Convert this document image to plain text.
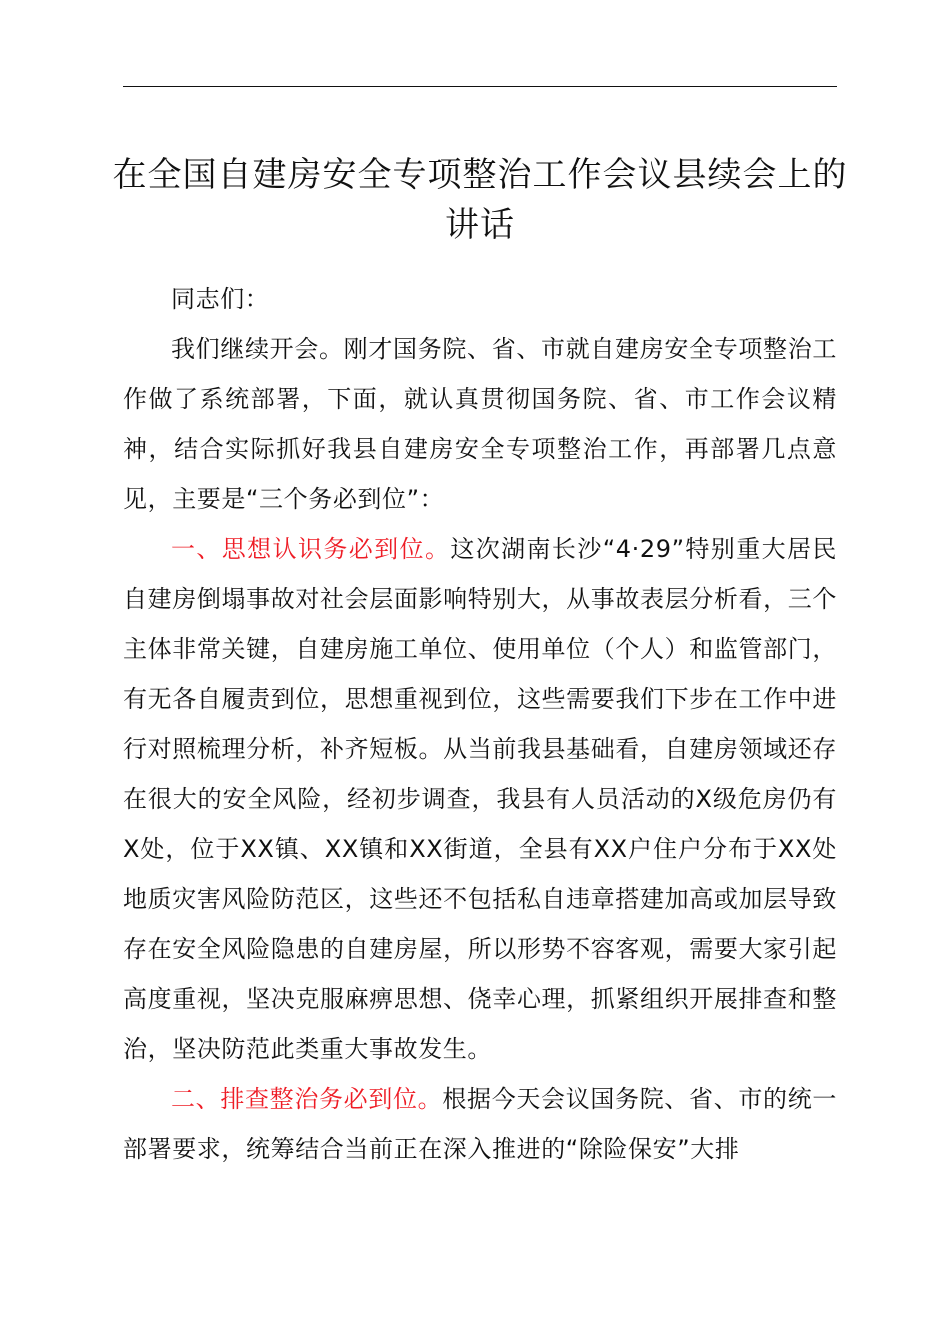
在全国自建房安全专项整治工作会议县续会上的讲话

同志们：

我们继续开会。刚才国务院、省、市就自建房安全专项整治工作做了系统部署，下面，就认真贯彻国务院、省、市工作会议精神，结合实际抓好我县自建房安全专项整治工作，再部署几点意见，主要是“三个务必到位”：

一、思想认识务必到位。这次湖南长沙“4·29”特别重大居民自建房倒塌事故对社会层面影响特别大，从事故表层分析看，三个主体非常关键，自建房施工单位、使用单位（个人）和监管部门，有无各自履责到位，思想重视到位，这些需要我们下步在工作中进行对照梳理分析，补齐短板。从当前我县基础看，自建房领域还存在很大的安全风险，经初步调查，我县有人员活动的X级危房仍有X处，位于XX镇、XX镇和XX街道，全县有XX户住户分布于XX处地质灾害风险防范区，这些还不包括私自违章搭建加高或加层导致存在安全风险隐患的自建房屋，所以形势不容客观，需要大家引起高度重视，坚决克服麻痹思想、侥幸心理，抓紧组织开展排查和整治，坚决防范此类重大事故发生。

二、排查整治务必到位。根据今天会议国务院、省、市的统一部署要求，统筹结合当前正在深入推进的“除险保安”大排
